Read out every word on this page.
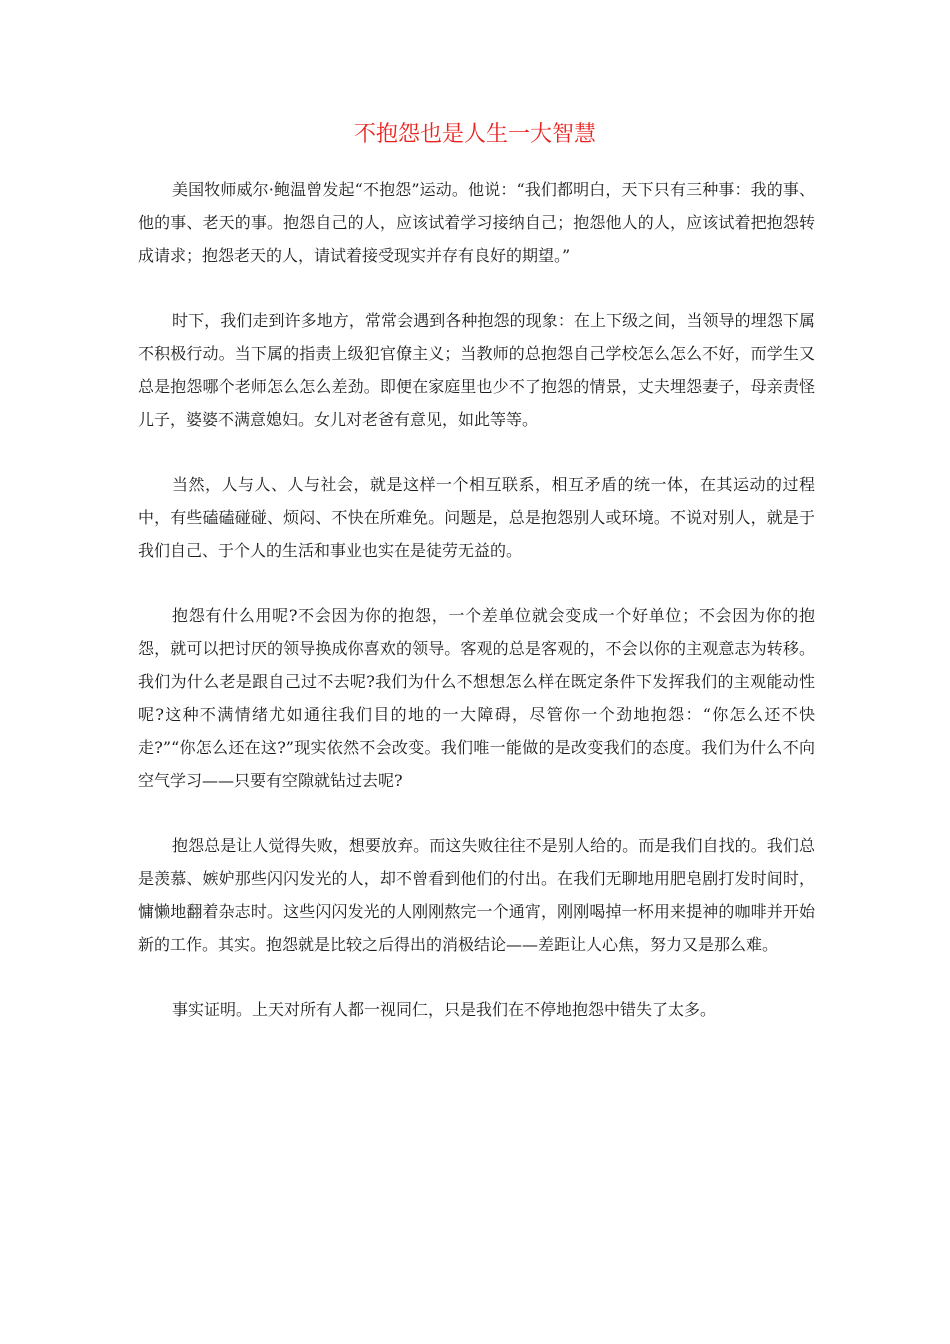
不抱怨也是人生一大智慧

美国牧师威尔·鲍温曾发起“不抱怨”运动。他说：“我们都明白，天下只有三种事：我的事、他的事、老天的事。抱怨自己的人，应该试着学习接纳自己；抱怨他人的人，应该试着把抱怨转成请求；抱怨老天的人，请试着接受现实并存有良好的期望。”

时下，我们走到许多地方，常常会遇到各种抱怨的现象：在上下级之间，当领导的埋怨下属不积极行动。当下属的指责上级犯官僚主义；当教师的总抱怨自己学校怎么怎么不好，而学生又总是抱怨哪个老师怎么怎么差劲。即便在家庭里也少不了抱怨的情景，丈夫埋怨妻子，母亲责怪儿子，婆婆不满意媳妇。女儿对老爸有意见，如此等等。

当然，人与人、人与社会，就是这样一个相互联系，相互矛盾的统一体，在其运动的过程中，有些磕磕碰碰、烦闷、不快在所难免。问题是，总是抱怨别人或环境。不说对别人，就是于我们自己、于个人的生活和事业也实在是徒劳无益的。

抱怨有什么用呢?不会因为你的抱怨，一个差单位就会变成一个好单位；不会因为你的抱怨，就可以把讨厌的领导换成你喜欢的领导。客观的总是客观的，不会以你的主观意志为转移。我们为什么老是跟自己过不去呢?我们为什么不想想怎么样在既定条件下发挥我们的主观能动性呢?这种不满情绪尤如通往我们目的地的一大障碍，尽管你一个劲地抱怨：“你怎么还不快走?”“你怎么还在这?”现实依然不会改变。我们唯一能做的是改变我们的态度。我们为什么不向空气学习——只要有空隙就钻过去呢?

抱怨总是让人觉得失败，想要放弃。而这失败往往不是别人给的。而是我们自找的。我们总是羡慕、嫉妒那些闪闪发光的人，却不曾看到他们的付出。在我们无聊地用肥皂剧打发时间时，慵懒地翻着杂志时。这些闪闪发光的人刚刚熬完一个通宵，刚刚喝掉一杯用来提神的咖啡并开始新的工作。其实。抱怨就是比较之后得出的消极结论——差距让人心焦，努力又是那么难。

事实证明。上天对所有人都一视同仁，只是我们在不停地抱怨中错失了太多。
